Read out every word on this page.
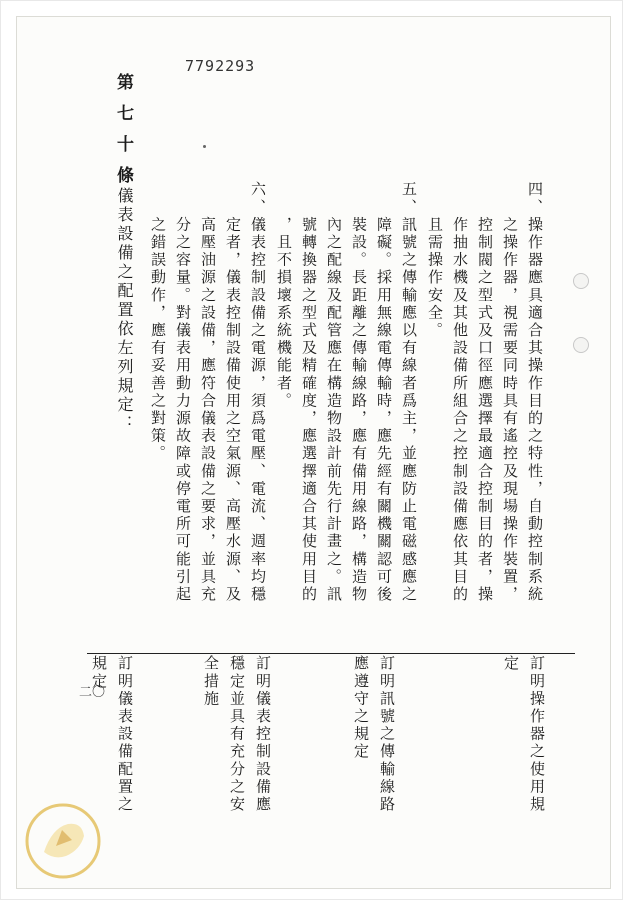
7792293
第七十條
儀表設備之配置依左列規定：	四、操作器應具適合其操作目的之特性，自動控制系統
　　之操作器，視需要同時具有遙控及現場操作裝置，
　　控制閥之型式及口徑應選擇最適合控制目的者，操
　　作抽水機及其他設備所組合之控制設備應依其目的
　　且需操作安全。
五、訊號之傳輸應以有線者爲主，並應防止電磁感應之
　　障礙。採用無線電傳輸時，應先經有關機關認可後
　　裝設。長距離之傳輸線路，應有備用線路，構造物
　　內之配線及配管應在構造物設計前先行計畫之。訊
　　號轉換器之型式及精確度，應選擇適合其使用目的
　　，且不損壞系統機能者。
六、儀表控制設備之電源，須爲電壓、電流、週率均穩
　　定者，儀表控制設備使用之空氣源、高壓水源、及
　　高壓油源之設備，應符合儀表設備之要求，並具充
　　分之容量。對儀表用動力源故障或停電所可能引起
　　之錯誤動作，應有妥善之對策。
訂明操作器之使用規
定
訂明訊號之傳輸線路
應遵守之規定
訂明儀表控制設備應
穩定並具有充分之安
全措施
訂明儀表設備配置之
規定
二〇
